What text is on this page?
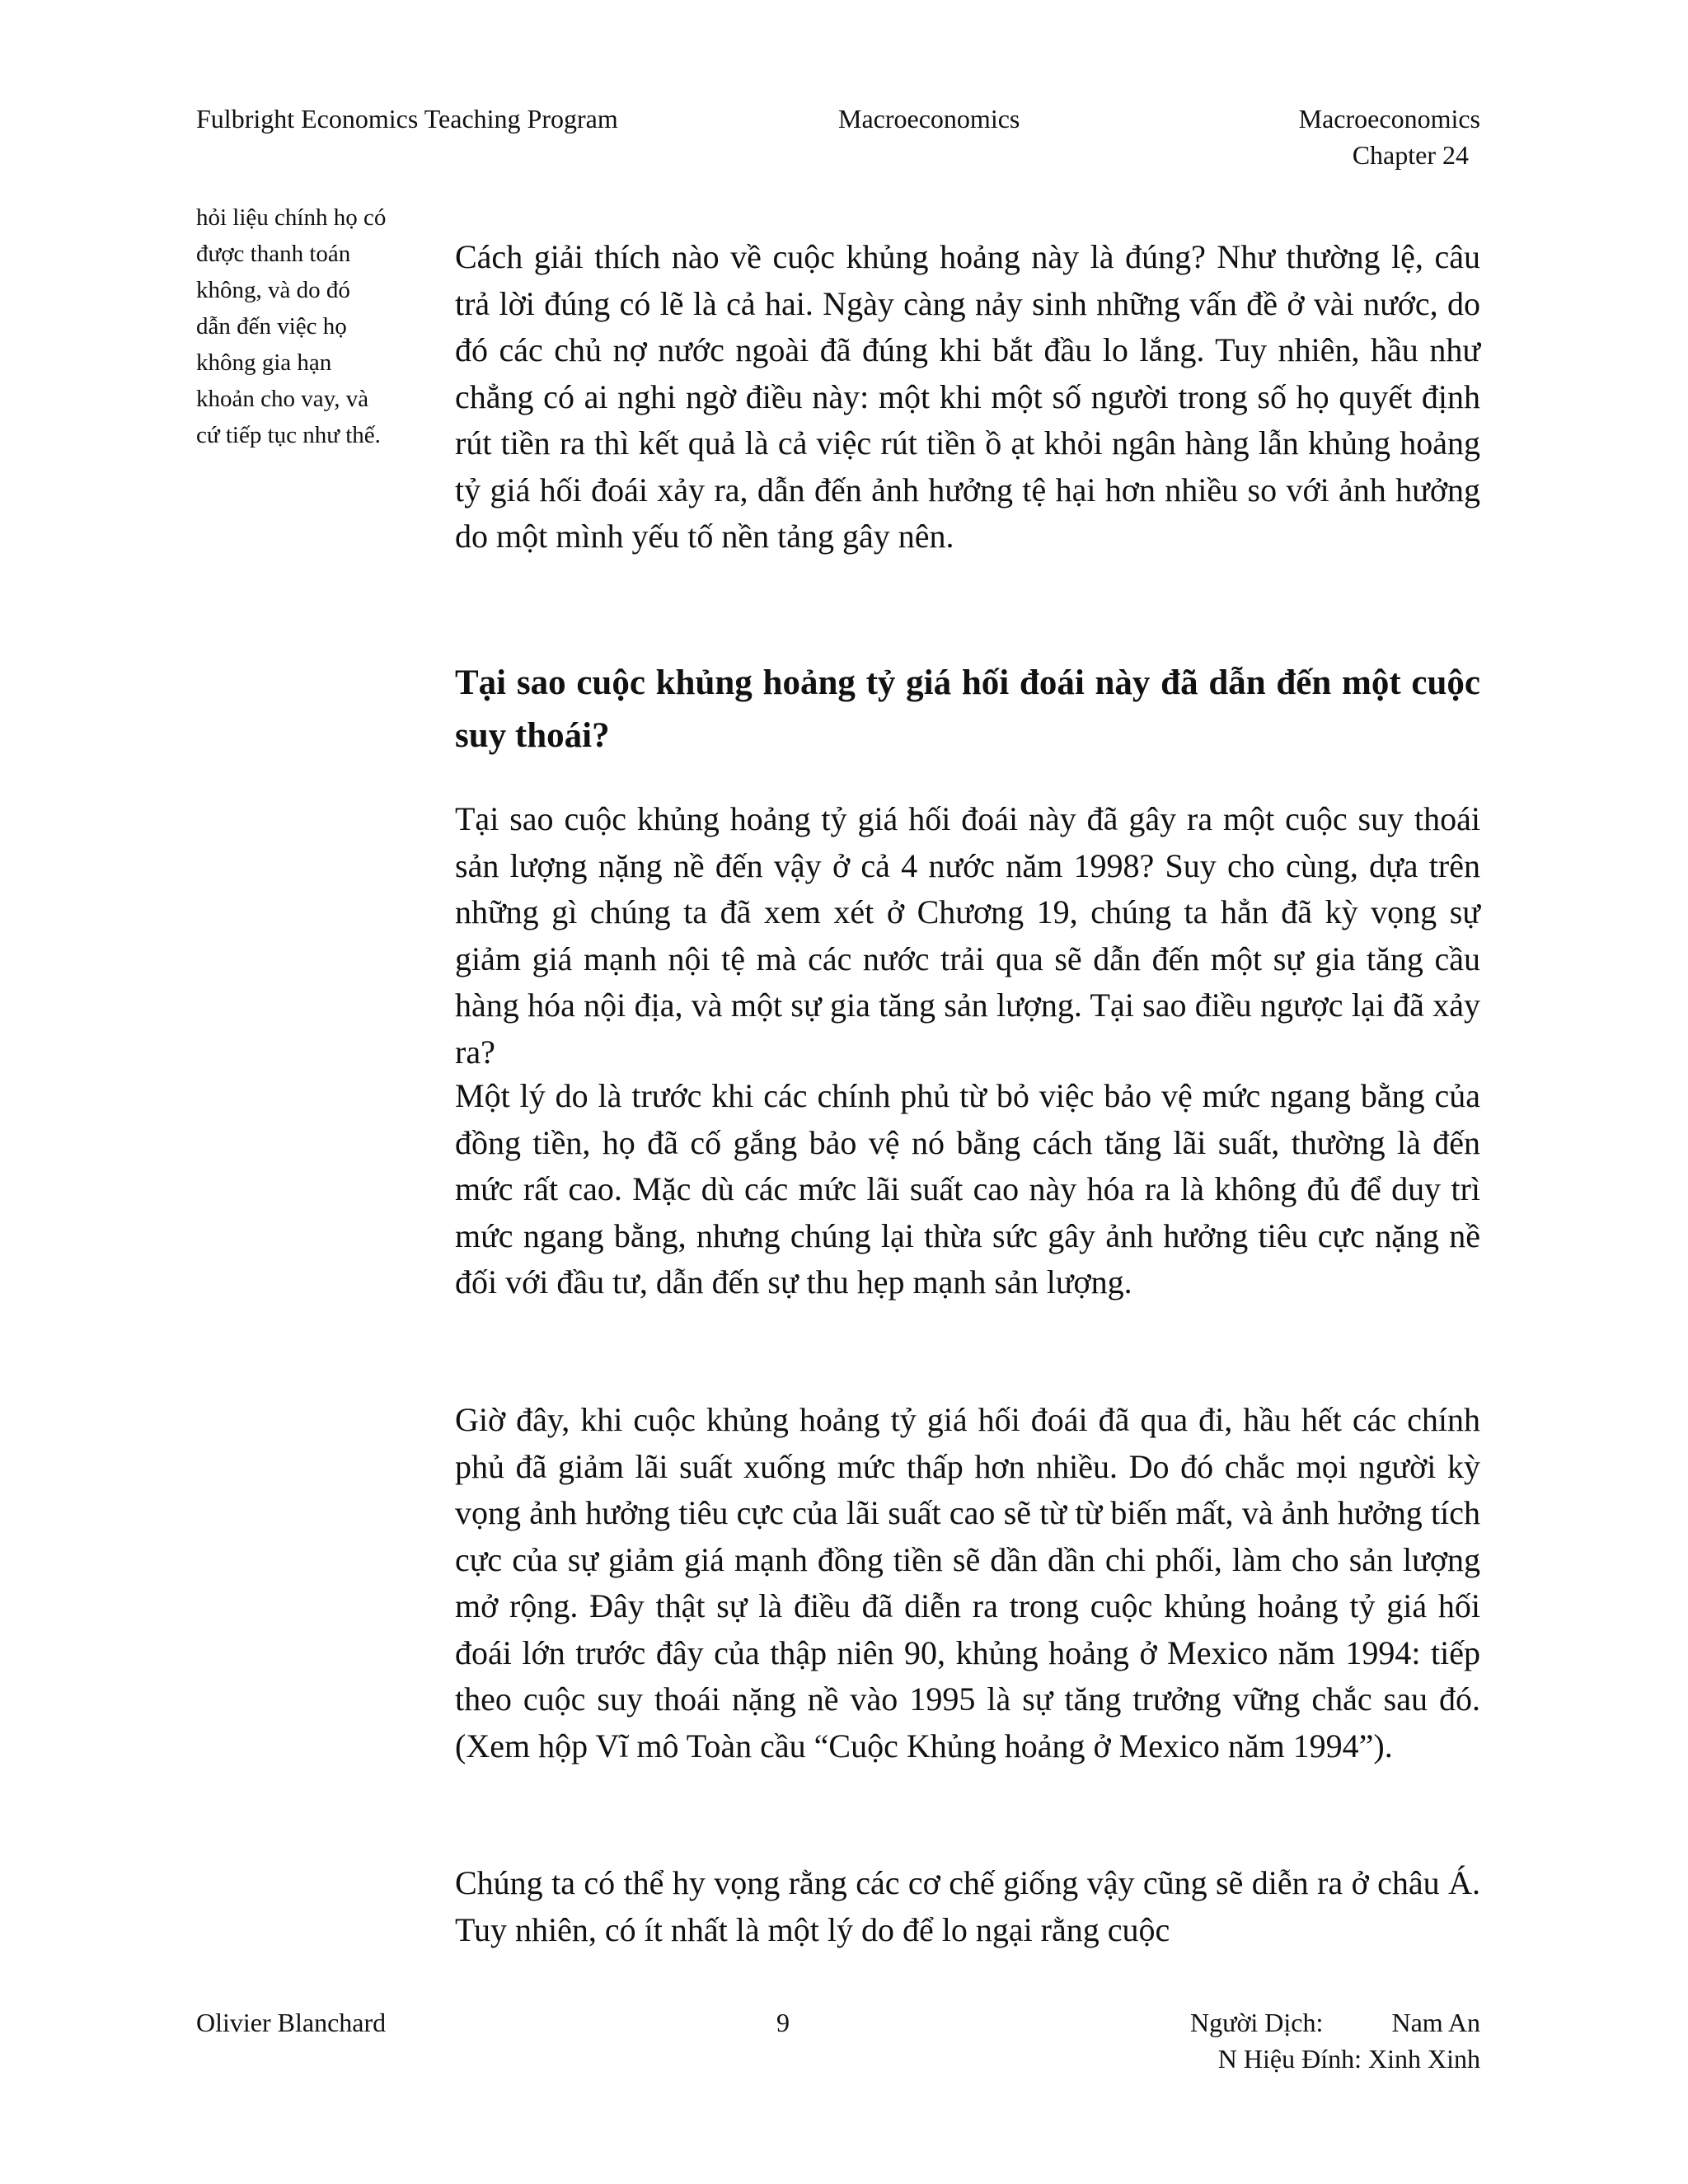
Fulbright Economics Teaching Program	Macroeconomics	Macroeconomics
Chapter 24
hỏi liệu chính họ có
được thanh toán
không, và do đó
dẫn đến việc họ
không gia hạn
khoản cho vay, và
cứ tiếp tục như thế.

Cách giải thích nào về cuộc khủng hoảng này là đúng? Như thường lệ, câu trả lời đúng có lẽ là cả hai. Ngày càng nảy sinh những vấn đề ở vài nước, do đó các chủ nợ nước ngoài đã đúng khi bắt đầu lo lắng. Tuy nhiên, hầu như chẳng có ai nghi ngờ điều này: một khi một số người trong số họ quyết định rút tiền ra thì kết quả là cả việc rút tiền ồ ạt khỏi ngân hàng lẫn khủng hoảng tỷ giá hối đoái xảy ra, dẫn đến ảnh hưởng tệ hại hơn nhiều so với ảnh hưởng do một mình yếu tố nền tảng gây nên.

Tại sao cuộc khủng hoảng tỷ giá hối đoái này đã dẫn đến một cuộc suy thoái?

Tại sao cuộc khủng hoảng tỷ giá hối đoái này đã gây ra một cuộc suy thoái sản lượng nặng nề đến vậy ở cả 4 nước năm 1998? Suy cho cùng, dựa trên những gì chúng ta đã xem xét ở Chương 19, chúng ta hẳn đã kỳ vọng sự giảm giá mạnh nội tệ mà các nước trải qua sẽ dẫn đến một sự gia tăng cầu hàng hóa nội địa, và một sự gia tăng sản lượng. Tại sao điều ngược lại đã xảy ra?

Một lý do là trước khi các chính phủ từ bỏ việc bảo vệ mức ngang bằng của đồng tiền, họ đã cố gắng bảo vệ nó bằng cách tăng lãi suất, thường là đến mức rất cao. Mặc dù các mức lãi suất cao này hóa ra là không đủ để duy trì mức ngang bằng, nhưng chúng lại thừa sức gây ảnh hưởng tiêu cực nặng nề đối với đầu tư, dẫn đến sự thu hẹp mạnh sản lượng.

Giờ đây, khi cuộc khủng hoảng tỷ giá hối đoái đã qua đi, hầu hết các chính phủ đã giảm lãi suất xuống mức thấp hơn nhiều. Do đó chắc mọi người kỳ vọng ảnh hưởng tiêu cực của lãi suất cao sẽ từ từ biến mất, và ảnh hưởng tích cực của sự giảm giá mạnh đồng tiền sẽ dần dần chi phối, làm cho sản lượng mở rộng. Đây thật sự là điều đã diễn ra trong cuộc khủng hoảng tỷ giá hối đoái lớn trước đây của thập niên 90, khủng hoảng ở Mexico năm 1994: tiếp theo cuộc suy thoái nặng nề vào 1995 là sự tăng trưởng vững chắc sau đó. (Xem hộp Vĩ mô Toàn cầu “Cuộc Khủng hoảng ở Mexico năm 1994”).

Chúng ta có thể hy vọng rằng các cơ chế giống vậy cũng sẽ diễn ra ở châu Á. Tuy nhiên, có ít nhất là một lý do để lo ngại rằng cuộc

Olivier Blanchard	9	Người Dịch:	Nam An
N Hiệu Đính: Xinh Xinh
